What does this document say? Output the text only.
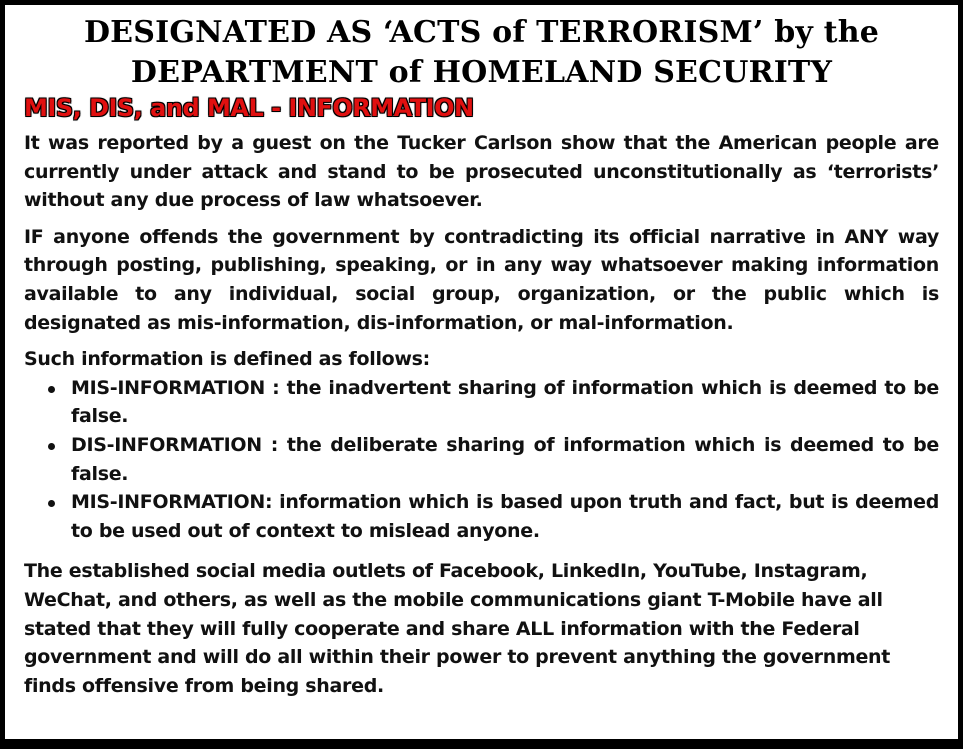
DESIGNATED AS ‘ACTS of TERRORISM’ by the
DEPARTMENT of HOMELAND SECURITY
MIS, DIS, and MAL - INFORMATION

It was reported by a guest on the Tucker Carlson show that the American people are currently under attack and stand to be prosecuted unconstitutionally as ‘terrorists’ without any due process of law whatsoever.

IF anyone offends the government by contradicting its official narrative in ANY way through posting, publishing, speaking, or in any way whatsoever making information available to any individual, social group, organization, or the public which is designated as mis-information, dis-information, or mal-information.

Such information is defined as follows:

MIS-INFORMATION : the inadvertent sharing of information which is deemed to be false.
DIS-INFORMATION : the deliberate sharing of information which is deemed to be false.
MIS-INFORMATION: information which is based upon truth and fact, but is deemed to be used out of context to mislead anyone.

The established social media outlets of Facebook, LinkedIn, YouTube, Instagram, WeChat, and others, as well as the mobile communications giant T-Mobile have all stated that they will fully cooperate and share ALL information with the Federal government and will do all within their power to prevent anything the government finds offensive from being shared.
